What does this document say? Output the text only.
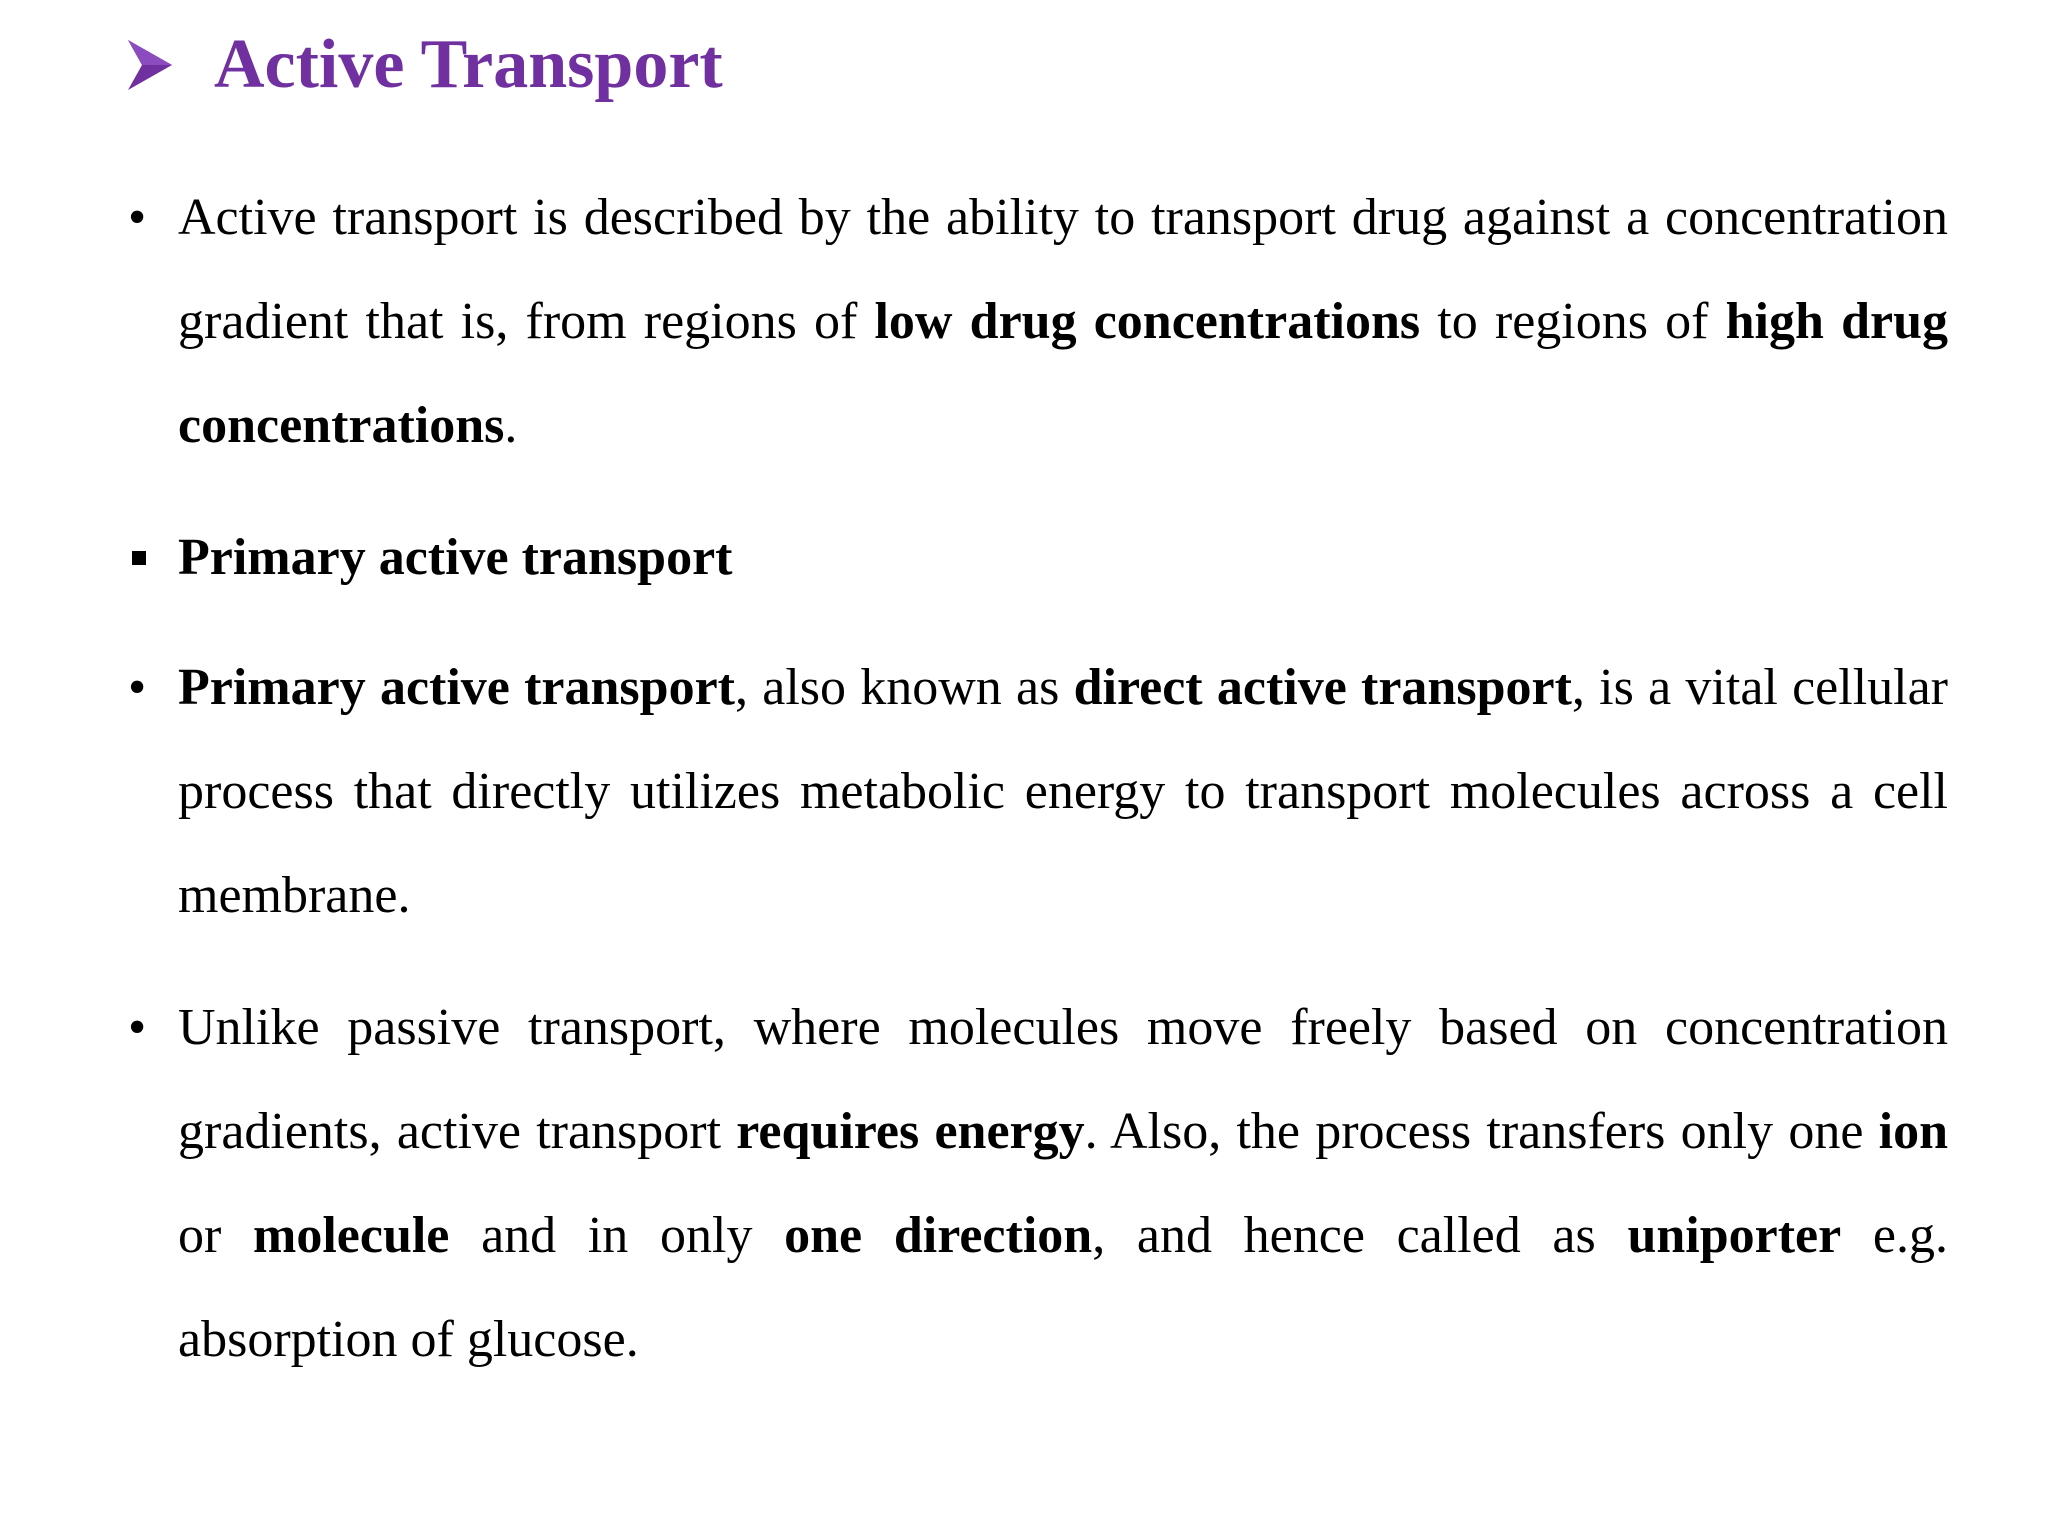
Active Transport
• Active transport is described by the ability to transport drug against a concentration gradient that is, from regions of low drug concentrations to regions of high drug concentrations.
Primary active transport
• Primary active transport, also known as direct active transport, is a vital cellular process that directly utilizes metabolic energy to transport molecules across a cell membrane.
• Unlike passive transport, where molecules move freely based on concentration gradients, active transport requires energy. Also, the process transfers only one ion or molecule and in only one direction, and hence called as uniporter e.g. absorption of glucose.
